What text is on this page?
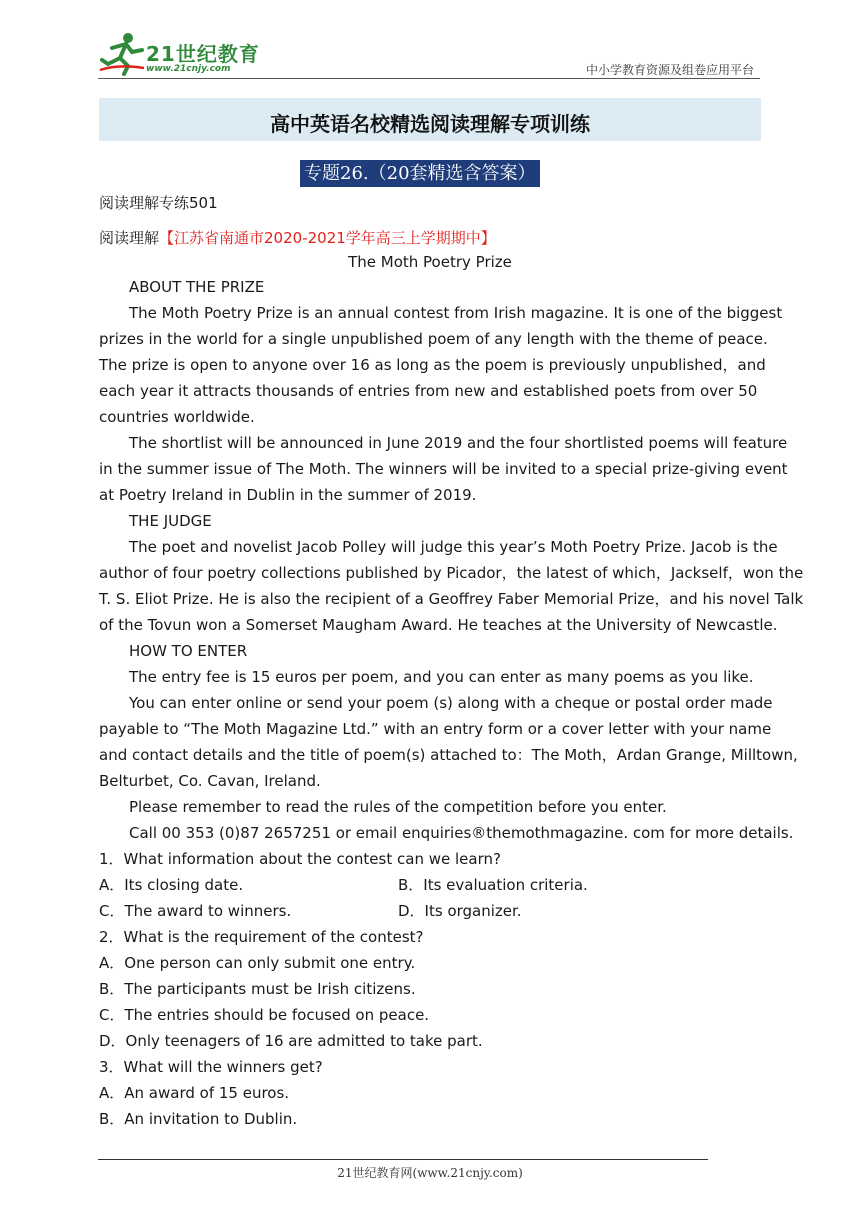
21世纪教育
www.21cnjy.com	中小学教育资源及组卷应用平台
高中英语名校精选阅读理解专项训练
专题26.（20套精选含答案）
阅读理解专练501
阅读理解【江苏省南通市2020-2021学年高三上学期期中】
The Moth Poetry Prize
ABOUT THE PRIZE
The Moth Poetry Prize is an annual contest from Irish magazine. It is one of the biggest
prizes in the world for a single unpublished poem of any length with the theme of peace.
The prize is open to anyone over 16 as long as the poem is previously unpublished，and
each year it attracts thousands of entries from new and established poets from over 50
countries worldwide.
The shortlist will be announced in June 2019 and the four shortlisted poems will feature
in the summer issue of The Moth. The winners will be invited to a special prize-giving event
at Poetry Ireland in Dublin in the summer of 2019.
THE JUDGE
The poet and novelist Jacob Polley will judge this year’s Moth Poetry Prize. Jacob is the
author of four poetry collections published by Picador，the latest of which，Jackself，won the
T. S. Eliot Prize. He is also the recipient of a Geoffrey Faber Memorial Prize，and his novel Talk
of the Tovun won a Somerset Maugham Award. He teaches at the University of Newcastle.
HOW TO ENTER
The entry fee is 15 euros per poem, and you can enter as many poems as you like.
You can enter online or send your poem (s) along with a cheque or postal order made
payable to “The Moth Magazine Ltd.” with an entry form or a cover letter with your name
and contact details and the title of poem(s) attached to：The Moth，Ardan Grange, Milltown,
Belturbet, Co. Cavan, Ireland.
Please remember to read the rules of the competition before you enter.
Call 00 353 (0)87 2657251 or email enquiries®themothmagazine. com for more details.
1．What information about the contest can we learn?
A．Its closing date.	B．Its evaluation criteria.
C．The award to winners.	D．Its organizer.
2．What is the requirement of the contest?
A．One person can only submit one entry.
B．The participants must be Irish citizens.
C．The entries should be focused on peace.
D．Only teenagers of 16 are admitted to take part.
3．What will the winners get?
A．An award of 15 euros.
B．An invitation to Dublin.
21世纪教育网(www.21cnjy.com)
